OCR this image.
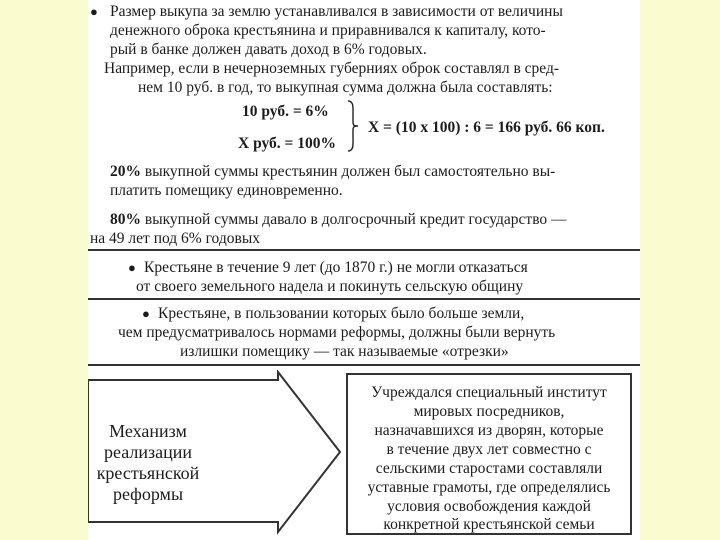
● Размер выкупа за землю устанавливался в зависимости от величины
денежного оброка крестьянина и приравнивался к капиталу, кото-
рый в банке должен давать доход в 6% годовых.
Например, если в нечерноземных губерниях оброк составлял в сред-
нем 10 руб. в год, то выкупная сумма должна была составлять:
10 руб. = 6%
Х руб. = 100%
Х = (10 х 100) : 6 = 166 руб. 66 коп.
20% выкупной суммы крестьянин должен был самостоятельно вы-
платить помещику единовременно.
80% выкупной суммы давало в долгосрочный кредит государство —
на 49 лет под 6% годовых
● Крестьяне в течение 9 лет (до 1870 г.) не могли отказаться
от своего земельного надела и покинуть сельскую общину
● Крестьяне, в пользовании которых было больше земли,
чем предусматривалось нормами реформы, должны были вернуть
излишки помещику — так называемые «отрезки»
Механизм
реализации
крестьянской
реформы
Учреждался специальный институт
мировых посредников,
назначавшихся из дворян, которые
в течение двух лет совместно с
сельскими старостами составляли
уставные грамоты, где определялись
условия освобождения каждой
конкретной крестьянской семьи
